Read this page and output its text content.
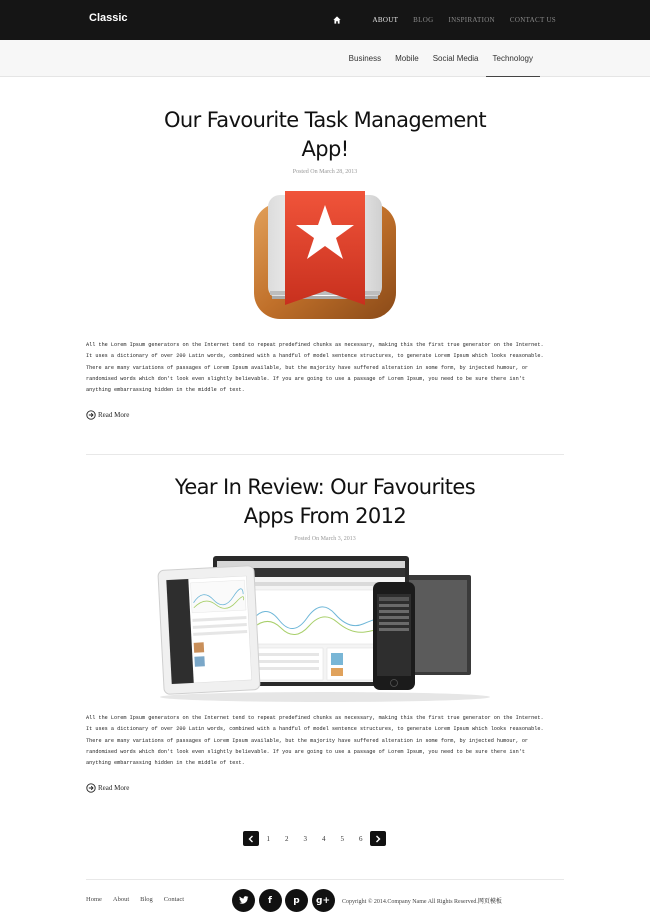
Classic	ABOUT BLOG INSPIRATION CONTACT US
Business	Mobile	Social Media	Technology
Our Favourite Task Management
App!
Posted On March 28, 2013
All the Lorem Ipsum generators on the Internet tend to repeat predefined chunks as necessary, making this the first true generator on the Internet.
It uses a dictionary of over 200 Latin words, combined with a handful of model sentence structures, to generate Lorem Ipsum which looks reasonable.
There are many variations of passages of Lorem Ipsum available, but the majority have suffered alteration in some form, by injected humour, or
randomised words which don't look even slightly believable. If you are going to use a passage of Lorem Ipsum, you need to be sure there isn't
anything embarrassing hidden in the middle of text.
Read More
Year In Review: Our Favourites
Apps From 2012
Posted On March 3, 2013
All the Lorem Ipsum generators on the Internet tend to repeat predefined chunks as necessary, making this the first true generator on the Internet.
It uses a dictionary of over 200 Latin words, combined with a handful of model sentence structures, to generate Lorem Ipsum which looks reasonable.
There are many variations of passages of Lorem Ipsum available, but the majority have suffered alteration in some form, by injected humour, or
randomised words which don't look even slightly believable. If you are going to use a passage of Lorem Ipsum, you need to be sure there isn't
anything embarrassing hidden in the middle of text.
Read More
1	2	3	4	5	6
Home About Blog Contact	f	p	g+	Copyright © 2014.Company Name All Rights Reserved.网页模板
